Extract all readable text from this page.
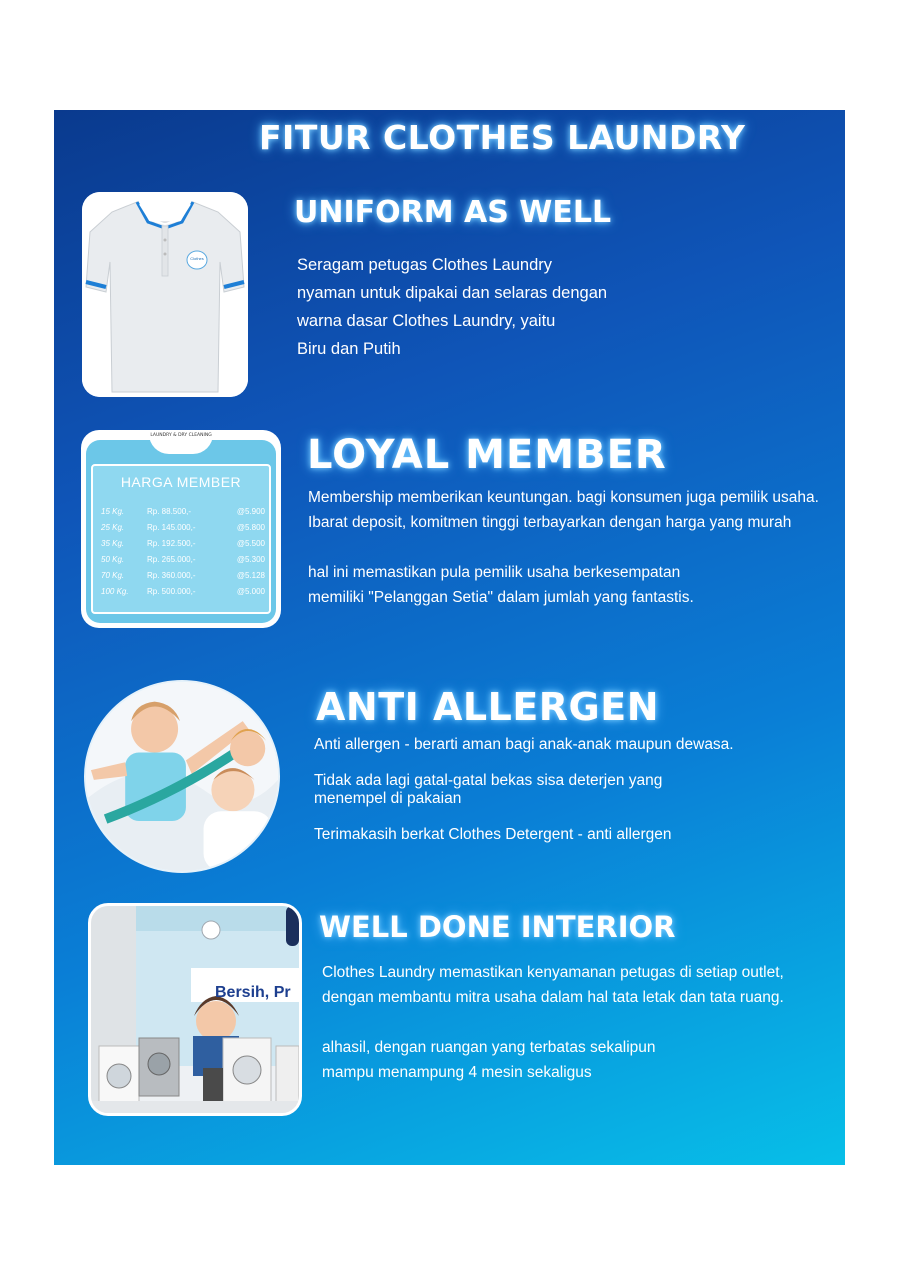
FITUR CLOTHES LAUNDRY
Clothes
UNIFORM AS WELL

Seragam petugas Clothes Laundry

nyaman untuk dipakai dan selaras dengan

warna dasar Clothes Laundry, yaitu

Biru dan Putih

LAUNDRY & DRY CLEANING
HARGA MEMBER
15 Kg.	Rp. 88.500,-	@5.900
25 Kg.	Rp. 145.000,-	@5.800
35 Kg.	Rp. 192.500,-	@5.500
50 Kg.	Rp. 265.000,-	@5.300
70 Kg.	Rp. 360.000,-	@5.128
100 Kg.	Rp. 500.000,-	@5.000
LOYAL MEMBER

Membership memberikan keuntungan. bagi konsumen juga pemilik usaha.

Ibarat deposit, komitmen tinggi terbayarkan dengan harga yang murah

hal ini memastikan pula pemilik usaha berkesempatan

memiliki "Pelanggan Setia" dalam jumlah yang fantastis.

ANTI ALLERGEN

Anti allergen - berarti aman bagi anak-anak maupun dewasa.

Tidak ada lagi gatal-gatal bekas sisa deterjen yang menempel di pakaian

Terimakasih berkat Clothes Detergent - anti allergen

Bersih, Pr
WELL DONE INTERIOR

Clothes Laundry memastikan kenyamanan petugas di setiap outlet,

dengan membantu mitra usaha dalam hal tata letak dan tata ruang.

alhasil, dengan ruangan yang terbatas sekalipun

mampu menampung 4 mesin sekaligus
